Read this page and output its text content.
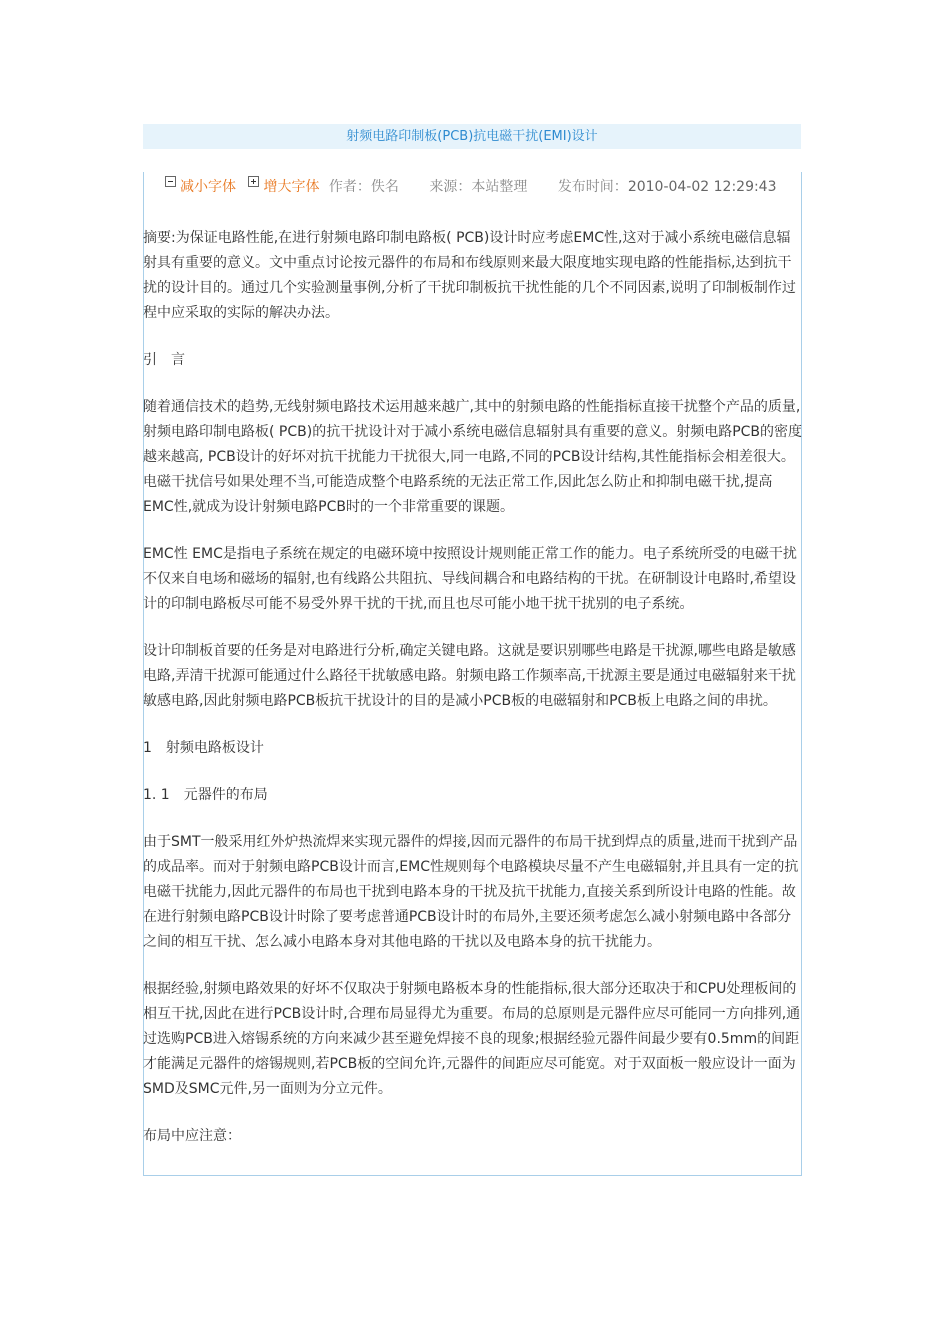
射频电路印制板(PCB)抗电磁干扰(EMI)设计
减小字体 增大字体 作者：佚名 来源：本站整理 发布时间：2010-04-02 12:29:43

摘要:为保证电路性能,在进行射频电路印制电路板( PCB)设计时应考虑EMC性,这对于减小系统电磁信息辐射具有重要的意义。文中重点讨论按元器件的布局和布线原则来最大限度地实现电路的性能指标,达到抗干扰的设计目的。通过几个实验测量事例,分析了干扰印制板抗干扰性能的几个不同因素,说明了印制板制作过程中应采取的实际的解决办法。

引　言

随着通信技术的趋势,无线射频电路技术运用越来越广,其中的射频电路的性能指标直接干扰整个产品的质量,射频电路印制电路板( PCB)的抗干扰设计对于减小系统电磁信息辐射具有重要的意义。射频电路PCB的密度越来越高, PCB设计的好坏对抗干扰能力干扰很大,同一电路,不同的PCB设计结构,其性能指标会相差很大。电磁干扰信号如果处理不当,可能造成整个电路系统的无法正常工作,因此怎么防止和抑制电磁干扰,提高EMC性,就成为设计射频电路PCB时的一个非常重要的课题。

EMC性 EMC是指电子系统在规定的电磁环境中按照设计规则能正常工作的能力。电子系统所受的电磁干扰不仅来自电场和磁场的辐射,也有线路公共阻抗、导线间耦合和电路结构的干扰。在研制设计电路时,希望设计的印制电路板尽可能不易受外界干扰的干扰,而且也尽可能小地干扰干扰别的电子系统。

设计印制板首要的任务是对电路进行分析,确定关键电路。这就是要识别哪些电路是干扰源,哪些电路是敏感电路,弄清干扰源可能通过什么路径干扰敏感电路。射频电路工作频率高,干扰源主要是通过电磁辐射来干扰敏感电路,因此射频电路PCB板抗干扰设计的目的是减小PCB板的电磁辐射和PCB板上电路之间的串扰。

1　射频电路板设计

1. 1　元器件的布局

由于SMT一般采用红外炉热流焊来实现元器件的焊接,因而元器件的布局干扰到焊点的质量,进而干扰到产品的成品率。而对于射频电路PCB设计而言,EMC性规则每个电路模块尽量不产生电磁辐射,并且具有一定的抗电磁干扰能力,因此元器件的布局也干扰到电路本身的干扰及抗干扰能力,直接关系到所设计电路的性能。故在进行射频电路PCB设计时除了要考虑普通PCB设计时的布局外,主要还须考虑怎么减小射频电路中各部分之间的相互干扰、怎么减小电路本身对其他电路的干扰以及电路本身的抗干扰能力。

根据经验,射频电路效果的好坏不仅取决于射频电路板本身的性能指标,很大部分还取决于和CPU处理板间的相互干扰,因此在进行PCB设计时,合理布局显得尤为重要。布局的总原则是元器件应尽可能同一方向排列,通过选购PCB进入熔锡系统的方向来减少甚至避免焊接不良的现象;根据经验元器件间最少要有0.5mm的间距才能满足元器件的熔锡规则,若PCB板的空间允许,元器件的间距应尽可能宽。对于双面板一般应设计一面为SMD及SMC元件,另一面则为分立元件。

布局中应注意：
